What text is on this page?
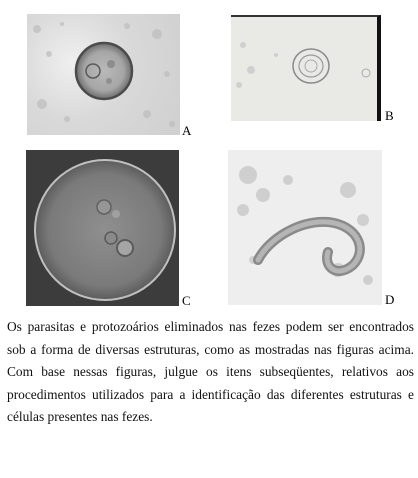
A
B
C	D

Os parasitas e protozoários eliminados nas fezes podem ser encontrados sob a forma de diversas estruturas, como as mostradas nas figuras acima. Com base nessas figuras, julgue os itens subseqüentes, relativos aos procedimentos utilizados para a identificação das diferentes estruturas e células presentes nas fezes.
